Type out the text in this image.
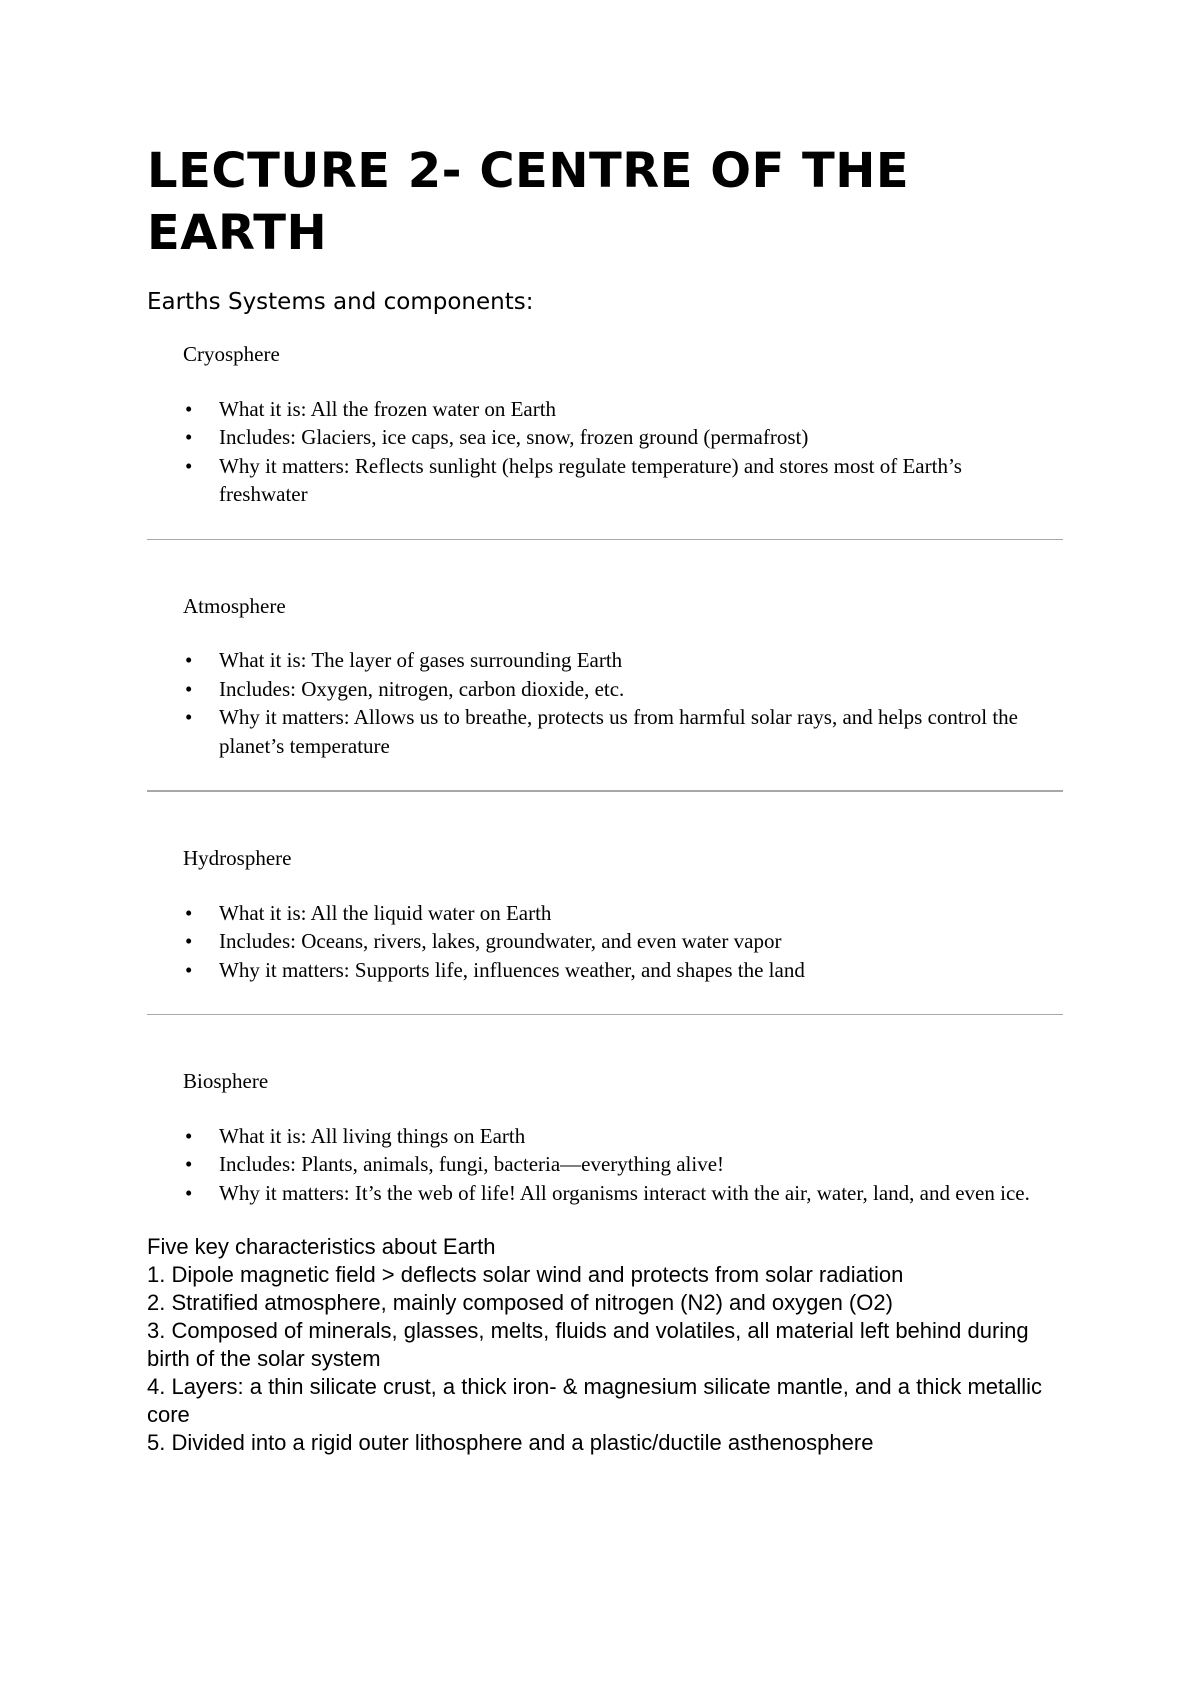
LECTURE 2- CENTRE OF THE EARTH
Earths Systems and components:
Cryosphere
• What it is: All the frozen water on Earth
• Includes: Glaciers, ice caps, sea ice, snow, frozen ground (permafrost)
• Why it matters: Reflects sunlight (helps regulate temperature) and stores most of Earth’s freshwater
Atmosphere
• What it is: The layer of gases surrounding Earth
• Includes: Oxygen, nitrogen, carbon dioxide, etc.
• Why it matters: Allows us to breathe, protects us from harmful solar rays, and helps control the planet’s temperature
Hydrosphere
• What it is: All the liquid water on Earth
• Includes: Oceans, rivers, lakes, groundwater, and even water vapor
• Why it matters: Supports life, influences weather, and shapes the land
Biosphere
• What it is: All living things on Earth
• Includes: Plants, animals, fungi, bacteria—everything alive!
• Why it matters: It’s the web of life! All organisms interact with the air, water, land, and even ice.
Five key characteristics about Earth
1. Dipole magnetic field > deflects solar wind and protects from solar radiation
2. Stratified atmosphere, mainly composed of nitrogen (N2) and oxygen (O2)
3. Composed of minerals, glasses, melts, fluids and volatiles, all material left behind during
birth of the solar system
4. Layers: a thin silicate crust, a thick iron- & magnesium silicate mantle, and a thick metallic core
5. Divided into a rigid outer lithosphere and a plastic/ductile asthenosphere
